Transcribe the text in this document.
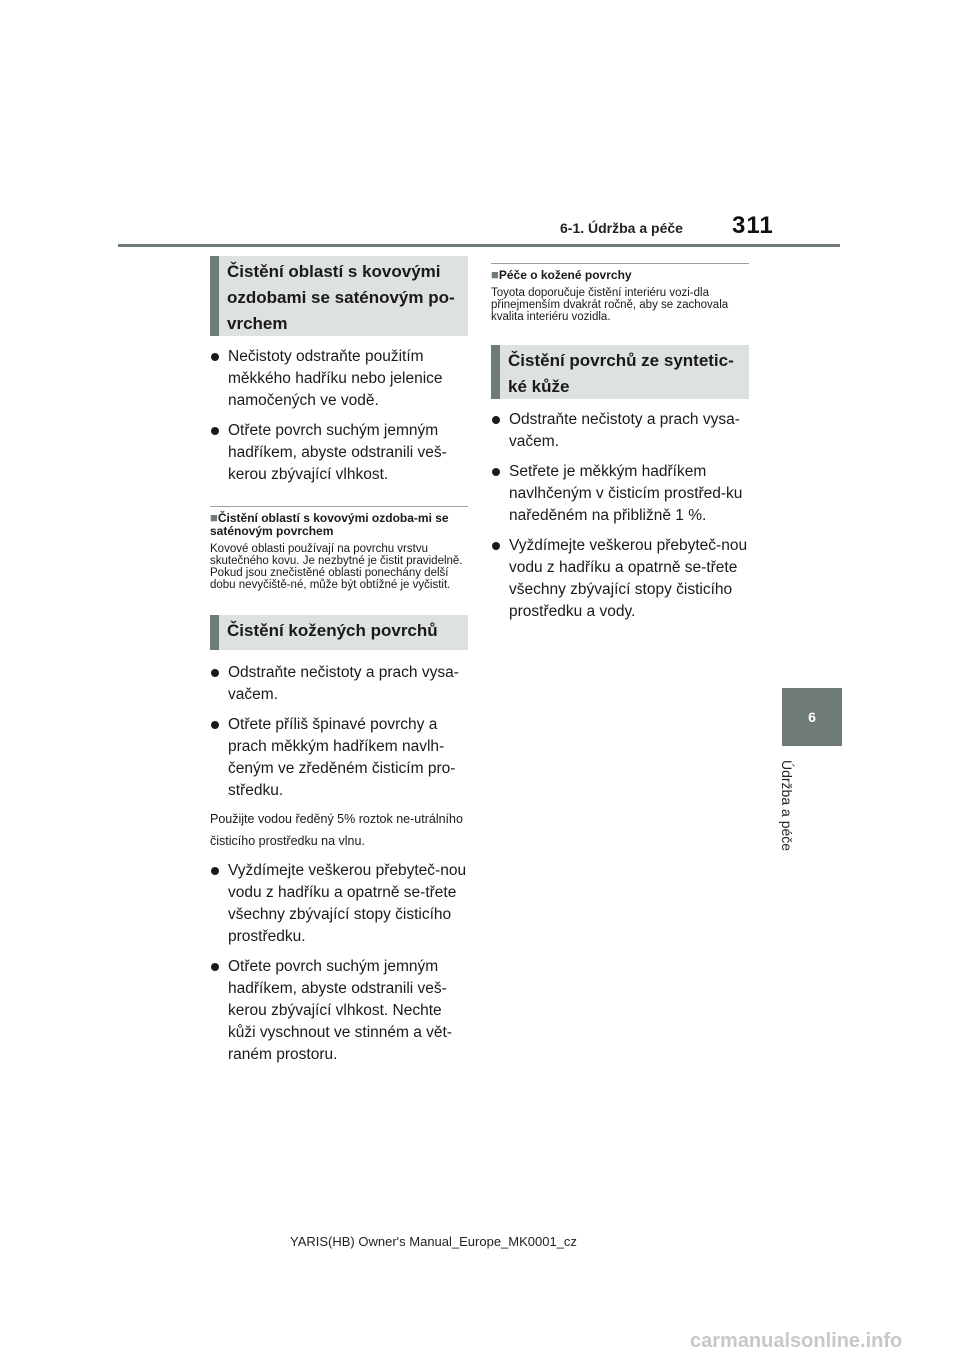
6-1. Údržba a péče 311
6
Údržba a péče
Čistění oblastí s kovovými ozdobami se saténovým po-vrchem
Nečistoty odstraňte použitím měkkého hadříku nebo jelenice namočených ve vodě.
Otřete povrch suchým jemným hadříkem, abyste odstranili veš-kerou zbývající vlhkost.
■Čistění oblastí s kovovými ozdoba-mi se saténovým povrchem
Kovové oblasti používají na povrchu vrstvu skutečného kovu. Je nezbytné je čistit pravidelně. Pokud jsou znečistěné oblasti ponechány delší dobu nevyčiště-né, může být obtížné je vyčistit.
Čistění kožených povrchů
Odstraňte nečistoty a prach vysa-vačem.
Otřete příliš špinavé povrchy a prach měkkým hadříkem navlh-čeným ve zředěném čisticím pro-středku.
Použijte vodou ředěný 5% roztok ne-utrálního čisticího prostředku na vlnu.
Vyždímejte veškerou přebyteč-nou vodu z hadříku a opatrně se-třete všechny zbývající stopy čisticího prostředku.
Otřete povrch suchým jemným hadříkem, abyste odstranili veš-kerou zbývající vlhkost. Nechte kůži vyschnout ve stinném a vět-raném prostoru.
■Péče o kožené povrchy
Toyota doporučuje čistění interiéru vozi-dla přinejmenším dvakrát ročně, aby se zachovala kvalita interiéru vozidla.
Čistění povrchů ze syntetic-ké kůže
Odstraňte nečistoty a prach vysa-vačem.
Setřete je měkkým hadříkem navlhčeným v čisticím prostřed-ku naředěném na přibližně 1 %.
Vyždímejte veškerou přebyteč-nou vodu z hadříku a opatrně se-třete všechny zbývající stopy čisticího prostředku a vody.
YARIS(HB) Owner's Manual_Europe_MK0001_cz
carmanualsonline.info
